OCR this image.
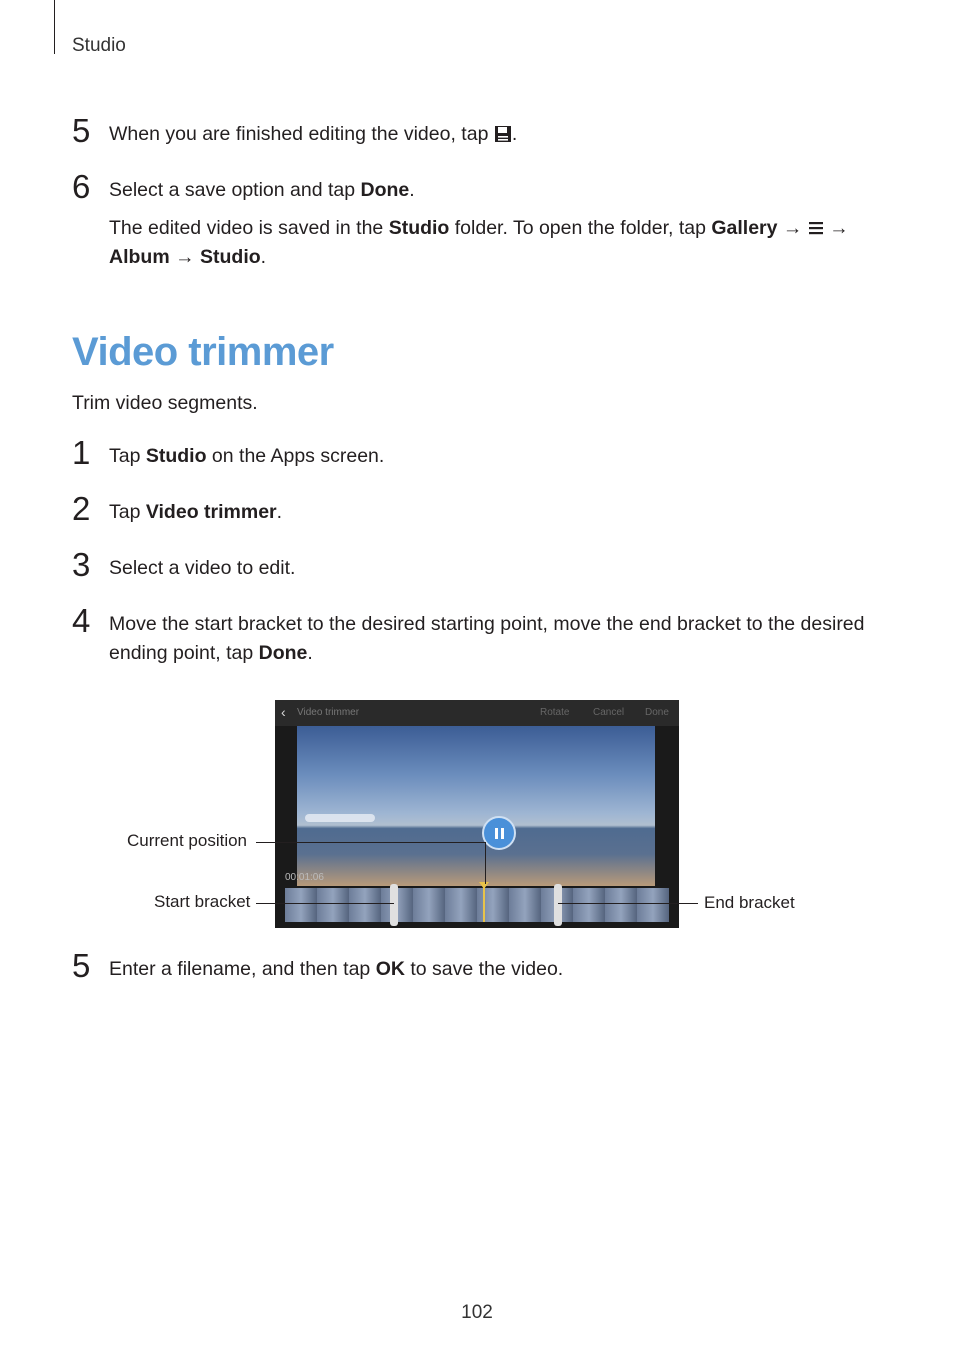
Studio
5 When you are finished editing the video, tap .
6 Select a save option and tap Done.
The edited video is saved in the Studio folder. To open the folder, tap Gallery →  →
Album → Studio.
Video trimmer
Trim video segments.
1 Tap Studio on the Apps screen.
2 Tap Video trimmer.
3 Select a video to edit.
4 Move the start bracket to the desired starting point, move the end bracket to the desired ending point, tap Done.
‹ Video trimmer	Rotate Cancel Done
00:01:06
Current position
Start bracket	End bracket
5 Enter a filename, and then tap OK to save the video.
102
